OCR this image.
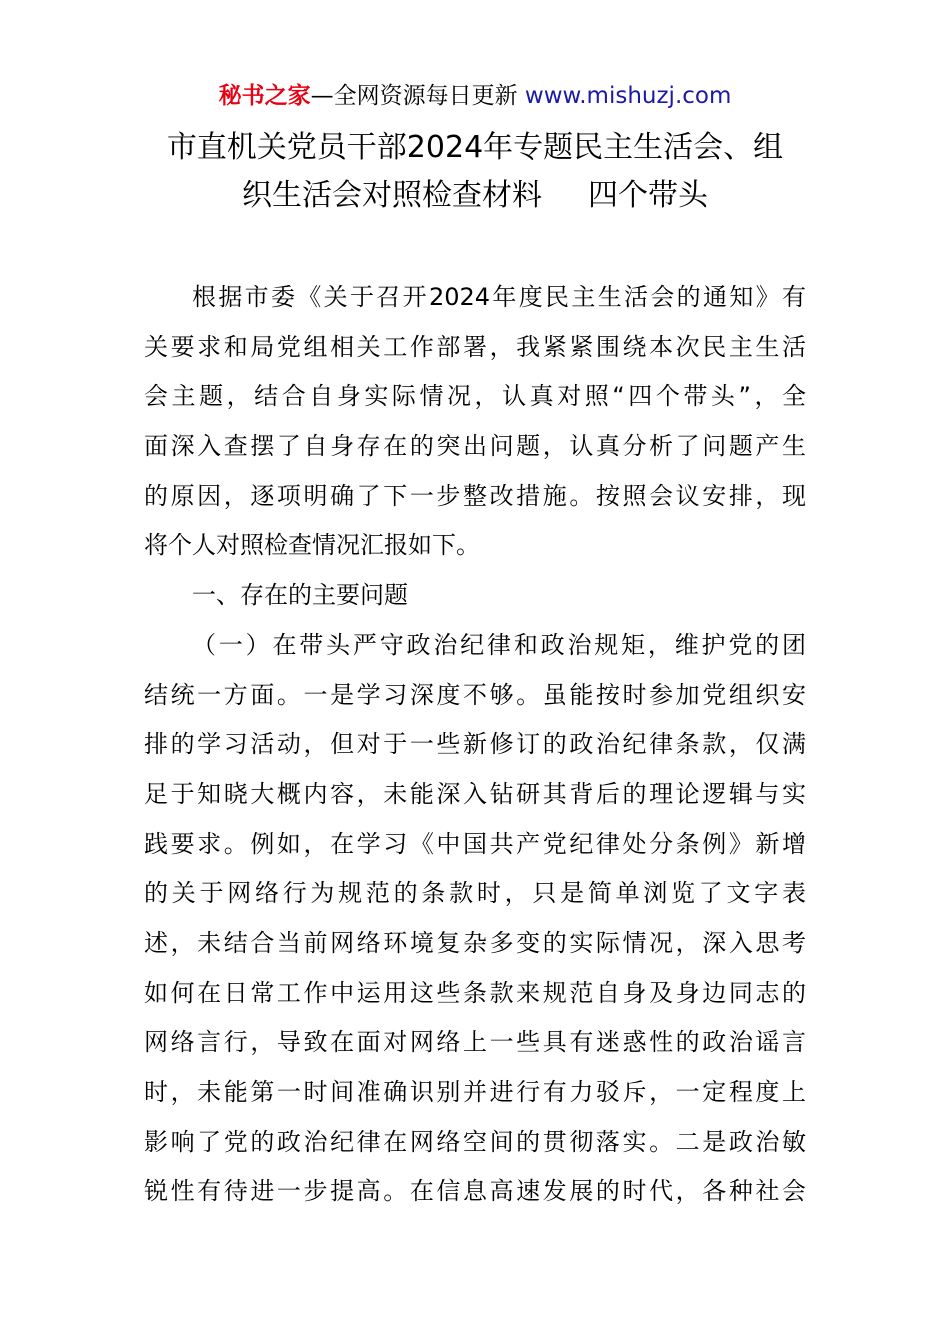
秘书之家—全网资源每日更新 www.mishuzj.com
市直机关党员干部2024年专题民主生活会、组
织生活会对照检查材料 四个带头
根据市委《关于召开2024年度民主生活会的通知》有
关要求和局党组相关工作部署，我紧紧围绕本次民主生活
会主题，结合自身实际情况，认真对照“四个带头”，全
面深入查摆了自身存在的突出问题，认真分析了问题产生
的原因，逐项明确了下一步整改措施。按照会议安排，现
将个人对照检查情况汇报如下。
一、存在的主要问题
（一）在带头严守政治纪律和政治规矩，维护党的团
结统一方面。一是学习深度不够。虽能按时参加党组织安
排的学习活动，但对于一些新修订的政治纪律条款，仅满
足于知晓大概内容，未能深入钻研其背后的理论逻辑与实
践要求。例如，在学习《中国共产党纪律处分条例》新增
的关于网络行为规范的条款时，只是简单浏览了文字表
述，未结合当前网络环境复杂多变的实际情况，深入思考
如何在日常工作中运用这些条款来规范自身及身边同志的
网络言行，导致在面对网络上一些具有迷惑性的政治谣言
时，未能第一时间准确识别并进行有力驳斥，一定程度上
影响了党的政治纪律在网络空间的贯彻落实。二是政治敏
锐性有待进一步提高。在信息高速发展的时代，各种社会
